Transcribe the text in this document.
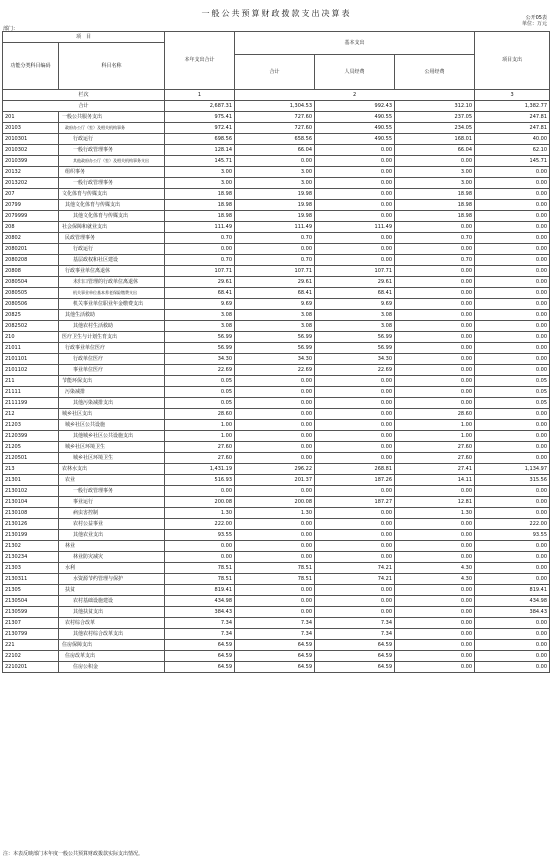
一般公共预算财政拨款支出决算表	公开05表
单位：万元
部门：
项　目		本年支出合计	基本支出			项目支出
功能分类科目编码	科目名称					
			合计	人员经费	公用经费	
栏次		1	2			3
合计		2,687.31	1,304.53	992.43	312.10	1,382.77
201	一般公共服务支出	975.41	727.60	490.55	237.05	247.81
20103	政府办公厅（室）及相关机构事务	972.41	727.60	490.55	234.05	247.81
2010301	行政运行	698.56	658.56	490.55	168.01	40.00
2010302	一般行政管理事务	128.14	66.04	0.00	66.04	62.10
2010399	其他政府办公厅（室）及相关机构事务支出	145.71	0.00	0.00	0.00	145.71
20132	组织事务	3.00	3.00	0.00	3.00	0.00
2013202	一般行政管理事务	3.00	3.00	0.00	3.00	0.00
207	文化体育与传媒支出	18.98	19.98	0.00	18.98	0.00
20799	其他文化体育与传媒支出	18.98	19.98	0.00	18.98	0.00
2079999	其他文化体育与传媒支出	18.98	19.98	0.00	18.98	0.00
208	社会保障和就业支出	111.49	111.49	111.49	0.00	0.00
20802	民政管理事务	0.70	0.70	0.00	0.70	0.00
2080201	行政运行	0.00	0.00	0.00	0.00	0.00
2080208	基层政权和社区建设	0.70	0.70	0.00	0.70	0.00
20808	行政事业单位离退休	107.71	107.71	107.71	0.00	0.00
2080504	未归口管理的行政单位离退休	29.61	29.61	29.61	0.00	0.00
2080505	机关事业单位基本养老保险缴费支出	68.41	68.41	68.41	0.00	0.00
2080506	机关事业单位职业年金缴费支出	9.69	9.69	9.69	0.00	0.00
20825	其他生活救助	3.08	3.08	3.08	0.00	0.00
2082502	其他农村生活救助	3.08	3.08	3.08	0.00	0.00
210	医疗卫生与计划生育支出	56.99	56.99	56.99	0.00	0.00
21011	行政事业单位医疗	56.99	56.99	56.99	0.00	0.00
2101101	行政单位医疗	34.30	34.30	34.30	0.00	0.00
2101102	事业单位医疗	22.69	22.69	22.69	0.00	0.00
211	节能环保支出	0.05	0.00	0.00	0.00	0.05
21111	污染减排	0.05	0.00	0.00	0.00	0.05
2111199	其他污染减排支出	0.05	0.00	0.00	0.00	0.05
212	城乡社区支出	28.60	0.00	0.00	28.60	0.00
21203	城乡社区公共设施	1.00	0.00	0.00	1.00	0.00
2120399	其他城乡社区公共设施支出	1.00	0.00	0.00	1.00	0.00
21205	城乡社区环境卫生	27.60	0.00	0.00	27.60	0.00
2120501	城乡社区环境卫生	27.60	0.00	0.00	27.60	0.00
213	农林水支出	1,431.19	296.22	268.81	27.41	1,134.97
21301	农业	516.93	201.37	187.26	14.11	315.56
2130102	一般行政管理事务	0.00	0.00	0.00	0.00	0.00
2130104	事业运行	200.08	200.08	187.27	12.81	0.00
2130108	病虫害控制	1.30	1.30	0.00	1.30	0.00
2130126	农村公益事业	222.00	0.00	0.00	0.00	222.00
2130199	其他农业支出	93.55	0.00	0.00	0.00	93.55
21302	林业	0.00	0.00	0.00	0.00	0.00
2130234	林业防灾减灾	0.00	0.00	0.00	0.00	0.00
21303	水利	78.51	78.51	74.21	4.30	0.00
2130311	水资源节约管理与保护	78.51	78.51	74.21	4.30	0.00
21305	扶贫	819.41	0.00	0.00	0.00	819.41
2130504	农村基础设施建设	434.98	0.00	0.00	0.00	434.98
2130599	其他扶贫支出	384.43	0.00	0.00	0.00	384.43
21307	农村综合改革	7.34	7.34	7.34	0.00	0.00
2130799	其他农村综合改革支出	7.34	7.34	7.34	0.00	0.00
221	住房保障支出	64.59	64.59	64.59	0.00	0.00
22102	住房改革支出	64.59	64.59	64.59	0.00	0.00
2210201	住房公积金	64.59	64.59	64.59	0.00	0.00
注：本表反映部门本年度一般公共预算财政拨款实际支出情况。
